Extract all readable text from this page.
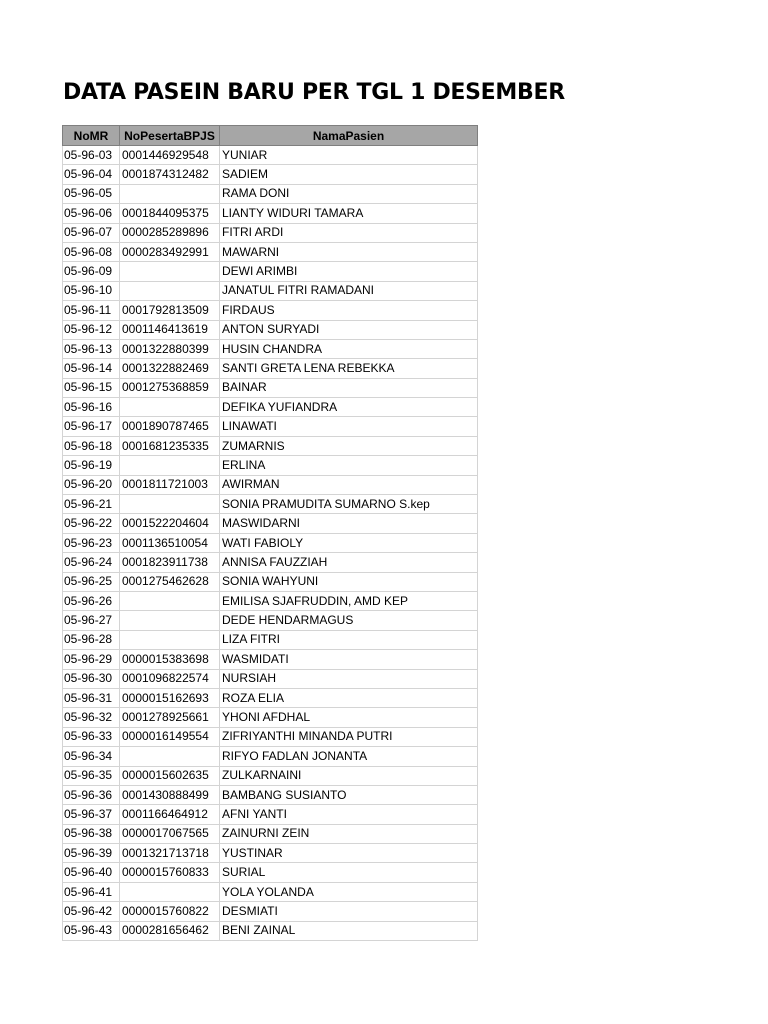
DATA PASEIN BARU PER TGL 1 DESEMBER
NoMR	NoPesertaBPJS	NamaPasien
05-96-03	0001446929548	YUNIAR
05-96-04	0001874312482	SADIEM
05-96-05		RAMA DONI
05-96-06	0001844095375	LIANTY WIDURI TAMARA
05-96-07	0000285289896	FITRI ARDI
05-96-08	0000283492991	MAWARNI
05-96-09		DEWI ARIMBI
05-96-10		JANATUL FITRI RAMADANI
05-96-11	0001792813509	FIRDAUS
05-96-12	0001146413619	ANTON SURYADI
05-96-13	0001322880399	HUSIN CHANDRA
05-96-14	0001322882469	SANTI GRETA LENA REBEKKA
05-96-15	0001275368859	BAINAR
05-96-16		DEFIKA YUFIANDRA
05-96-17	0001890787465	LINAWATI
05-96-18	0001681235335	ZUMARNIS
05-96-19		ERLINA
05-96-20	0001811721003	AWIRMAN
05-96-21		SONIA PRAMUDITA SUMARNO S.kep
05-96-22	0001522204604	MASWIDARNI
05-96-23	0001136510054	WATI FABIOLY
05-96-24	0001823911738	ANNISA FAUZZIAH
05-96-25	0001275462628	SONIA WAHYUNI
05-96-26		EMILISA SJAFRUDDIN, AMD KEP
05-96-27		DEDE HENDARMAGUS
05-96-28		LIZA FITRI
05-96-29	0000015383698	WASMIDATI
05-96-30	0001096822574	NURSIAH
05-96-31	0000015162693	ROZA ELIA
05-96-32	0001278925661	YHONI AFDHAL
05-96-33	0000016149554	ZIFRIYANTHI MINANDA PUTRI
05-96-34		RIFYO FADLAN JONANTA
05-96-35	0000015602635	ZULKARNAINI
05-96-36	0001430888499	BAMBANG SUSIANTO
05-96-37	0001166464912	AFNI YANTI
05-96-38	0000017067565	ZAINURNI ZEIN
05-96-39	0001321713718	YUSTINAR
05-96-40	0000015760833	SURIAL
05-96-41		YOLA YOLANDA
05-96-42	0000015760822	DESMIATI
05-96-43	0000281656462	BENI ZAINAL
